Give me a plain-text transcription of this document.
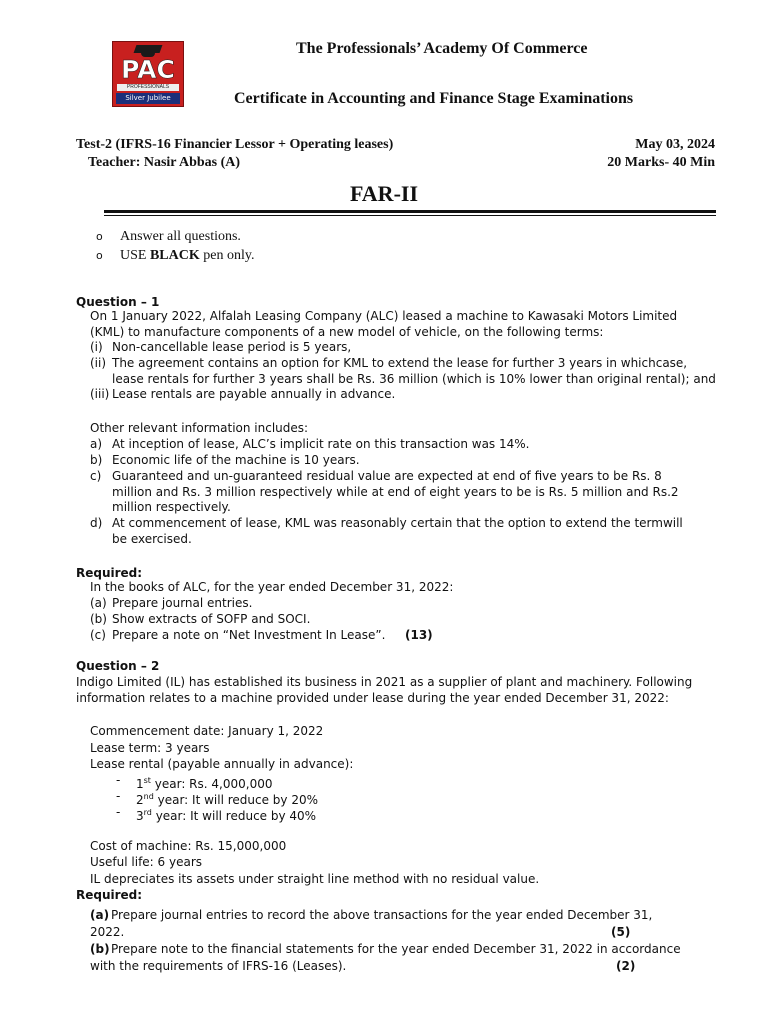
PAC
PROFESSIONALS
Silver Jubilee
The Professionals’ Academy Of Commerce
Certificate in Accounting and Finance Stage Examinations
Test-2 (IFRS-16 Financier Lessor + Operating leases)
Teacher: Nasir Abbas (A)
May 03, 2024
20 Marks- 40 Min
FAR-II
o Answer all questions.
o USE BLACK pen only.
Question – 1
On 1 January 2022, Alfalah Leasing Company (ALC) leased a machine to Kawasaki Motors Limited
(KML) to manufacture components of a new model of vehicle, on the following terms:
(i) Non-cancellable lease period is 5 years,
(ii) The agreement contains an option for KML to extend the lease for further 3 years in whichcase,
lease rentals for further 3 years shall be Rs. 36 million (which is 10% lower than original rental); and
(iii) Lease rentals are payable annually in advance.
Other relevant information includes:
a) At inception of lease, ALC’s implicit rate on this transaction was 14%.
b) Economic life of the machine is 10 years.
c) Guaranteed and un-guaranteed residual value are expected at end of five years to be Rs. 8
million and Rs. 3 million respectively while at end of eight years to be is Rs. 5 million and Rs.2
million respectively.
d) At commencement of lease, KML was reasonably certain that the option to extend the termwill
be exercised.
Required:
In the books of ALC, for the year ended December 31, 2022:
(a) Prepare journal entries.
(b) Show extracts of SOFP and SOCI.
(c) Prepare a note on “Net Investment In Lease”. (13)
Question – 2
Indigo Limited (IL) has established its business in 2021 as a supplier of plant and machinery. Following
information relates to a machine provided under lease during the year ended December 31, 2022:
Commencement date: January 1, 2022
Lease term: 3 years
Lease rental (payable annually in advance):
- 1st year: Rs. 4,000,000
- 2nd year: It will reduce by 20%
- 3rd year: It will reduce by 40%
Cost of machine: Rs. 15,000,000
Useful life: 6 years
IL depreciates its assets under straight line method with no residual value.
Required:
(a) Prepare journal entries to record the above transactions for the year ended December 31,
2022.	(5)
(b) Prepare note to the financial statements for the year ended December 31, 2022 in accordance
with the requirements of IFRS-16 (Leases).	(2)
